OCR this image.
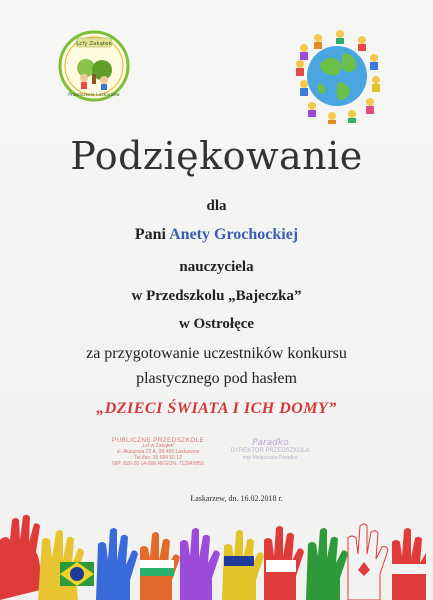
Lcfy Zakątek
Przedszkole Laskarzew
Podziękowanie
dla
Pani Anety Grochockiej
nauczyciela
w Przedszkolu „Bajeczka”
w Ostrołęce
za przygotowanie uczestników konkursu
plastycznego pod hasłem
„DZIECI ŚWIATA I ICH DOMY”
PUBLICZNE PRZEDSZKOLE
„Lcf w Zakątek”
ul. Akacjowa 23 A, 08-450 Łaskarzew
Tel./fax. 25 684 50 12
NIP: 826-20-14-966 REGON: 712945859
DYREKTOR PRZEDSZKOLA
mgr Małgorzata Paradko
Paradko
Łaskarzew, dn. 16.02.2018 r.
